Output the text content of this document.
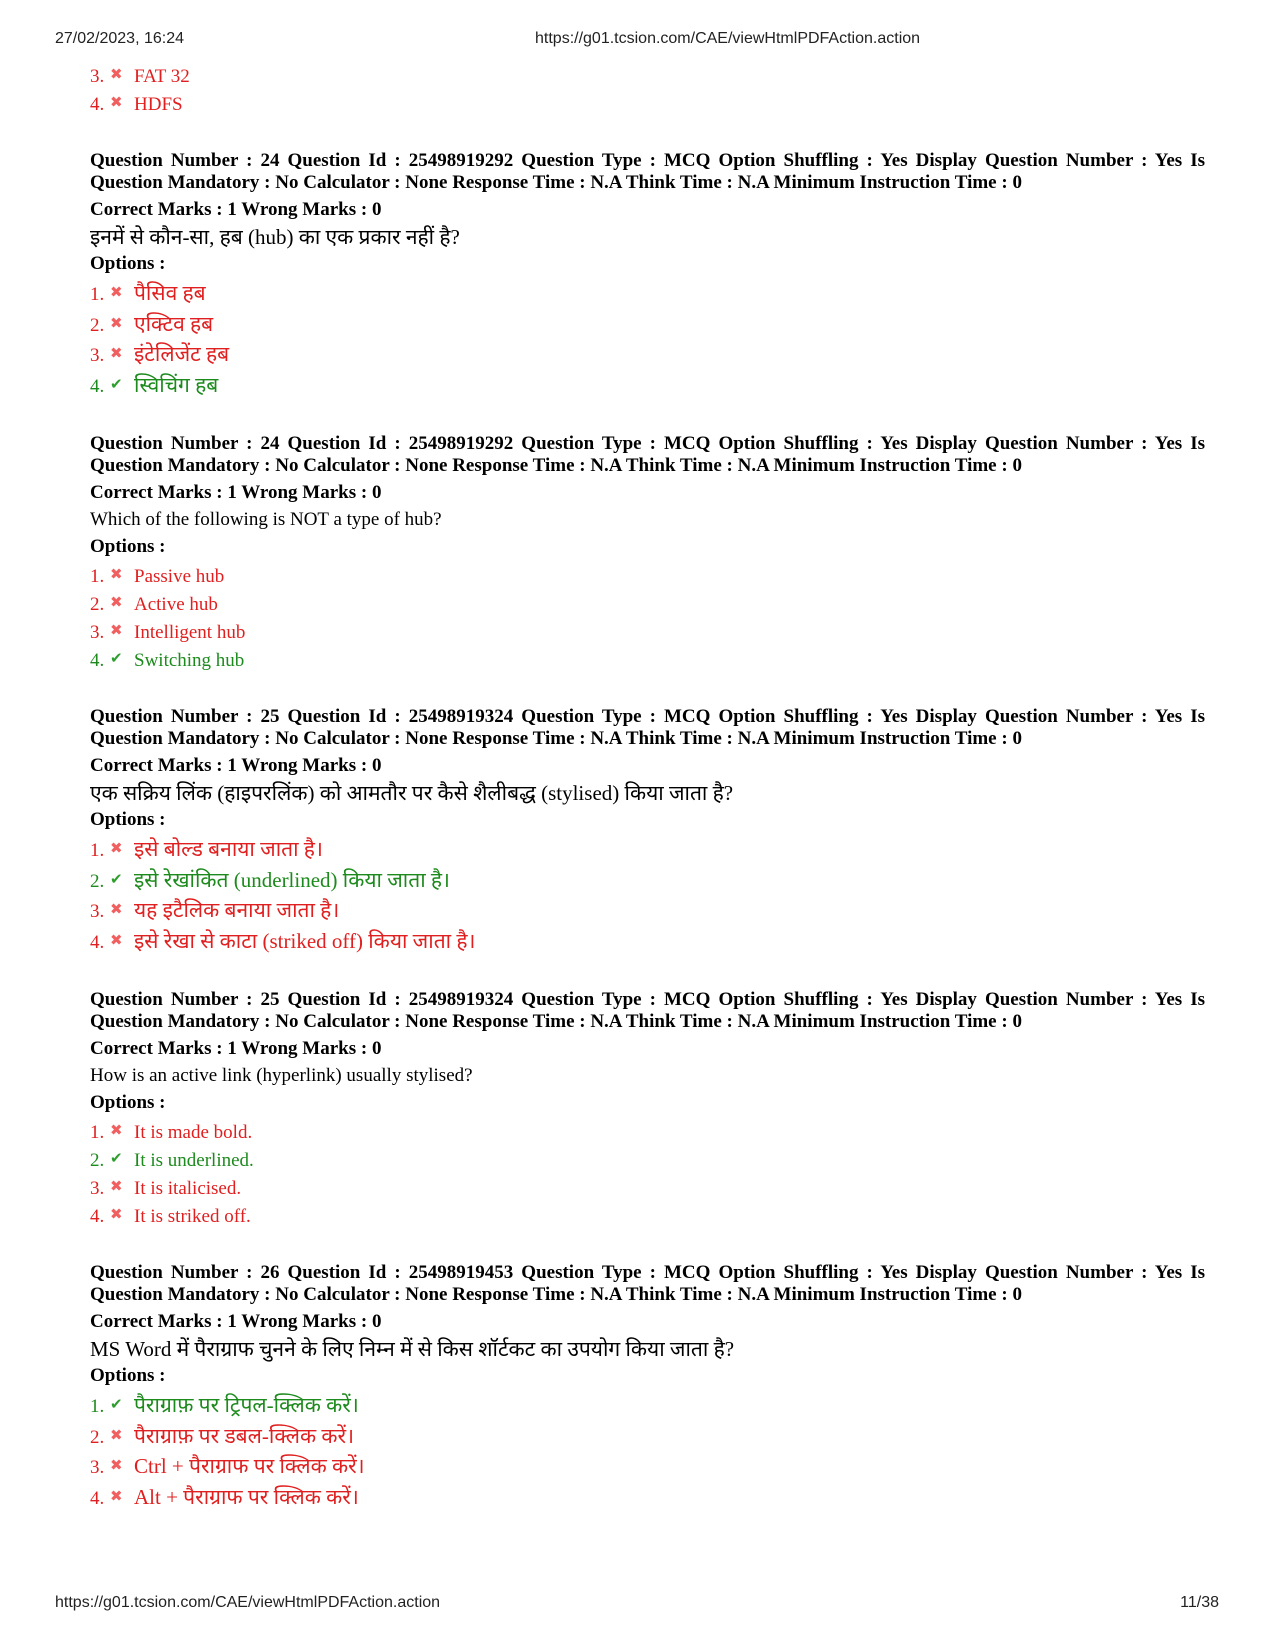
27/02/2023, 16:24	https://g01.tcsion.com/CAE/viewHtmlPDFAction.action
3. ✖ FAT 32
4. ✖ HDFS
Question Number : 24 Question Id : 25498919292 Question Type : MCQ Option Shuffling : Yes Display Question Number : Yes Is Question Mandatory : No Calculator : None Response Time : N.A Think Time : N.A Minimum Instruction Time : 0
Correct Marks : 1 Wrong Marks : 0
इनमें से कौन-सा, हब (hub) का एक प्रकार नहीं है?
Options :
1. ✖ पैसिव हब
2. ✖ एक्टिव हब
3. ✖ इंटेलिजेंट हब
4. ✔ स्विचिंग हब
Question Number : 24 Question Id : 25498919292 Question Type : MCQ Option Shuffling : Yes Display Question Number : Yes Is Question Mandatory : No Calculator : None Response Time : N.A Think Time : N.A Minimum Instruction Time : 0
Correct Marks : 1 Wrong Marks : 0
Which of the following is NOT a type of hub?
Options :
1. ✖ Passive hub
2. ✖ Active hub
3. ✖ Intelligent hub
4. ✔ Switching hub
Question Number : 25 Question Id : 25498919324 Question Type : MCQ Option Shuffling : Yes Display Question Number : Yes Is Question Mandatory : No Calculator : None Response Time : N.A Think Time : N.A Minimum Instruction Time : 0
Correct Marks : 1 Wrong Marks : 0
एक सक्रिय लिंक (हाइपरलिंक) को आमतौर पर कैसे शैलीबद्ध (stylised) किया जाता है?
Options :
1. ✖ इसे बोल्ड बनाया जाता है।
2. ✔ इसे रेखांकित (underlined) किया जाता है।
3. ✖ यह इटैलिक बनाया जाता है।
4. ✖ इसे रेखा से काटा (striked off) किया जाता है।
Question Number : 25 Question Id : 25498919324 Question Type : MCQ Option Shuffling : Yes Display Question Number : Yes Is Question Mandatory : No Calculator : None Response Time : N.A Think Time : N.A Minimum Instruction Time : 0
Correct Marks : 1 Wrong Marks : 0
How is an active link (hyperlink) usually stylised?
Options :
1. ✖ It is made bold.
2. ✔ It is underlined.
3. ✖ It is italicised.
4. ✖ It is striked off.
Question Number : 26 Question Id : 25498919453 Question Type : MCQ Option Shuffling : Yes Display Question Number : Yes Is Question Mandatory : No Calculator : None Response Time : N.A Think Time : N.A Minimum Instruction Time : 0
Correct Marks : 1 Wrong Marks : 0
MS Word में पैराग्राफ चुनने के लिए निम्न में से किस शॉर्टकट का उपयोग किया जाता है?
Options :
1. ✔ पैराग्राफ़ पर ट्रिपल-क्लिक करें।
2. ✖ पैराग्राफ़ पर डबल-क्लिक करें।
3. ✖ Ctrl + पैराग्राफ पर क्लिक करें।
4. ✖ Alt + पैराग्राफ पर क्लिक करें।
https://g01.tcsion.com/CAE/viewHtmlPDFAction.action	11/38
